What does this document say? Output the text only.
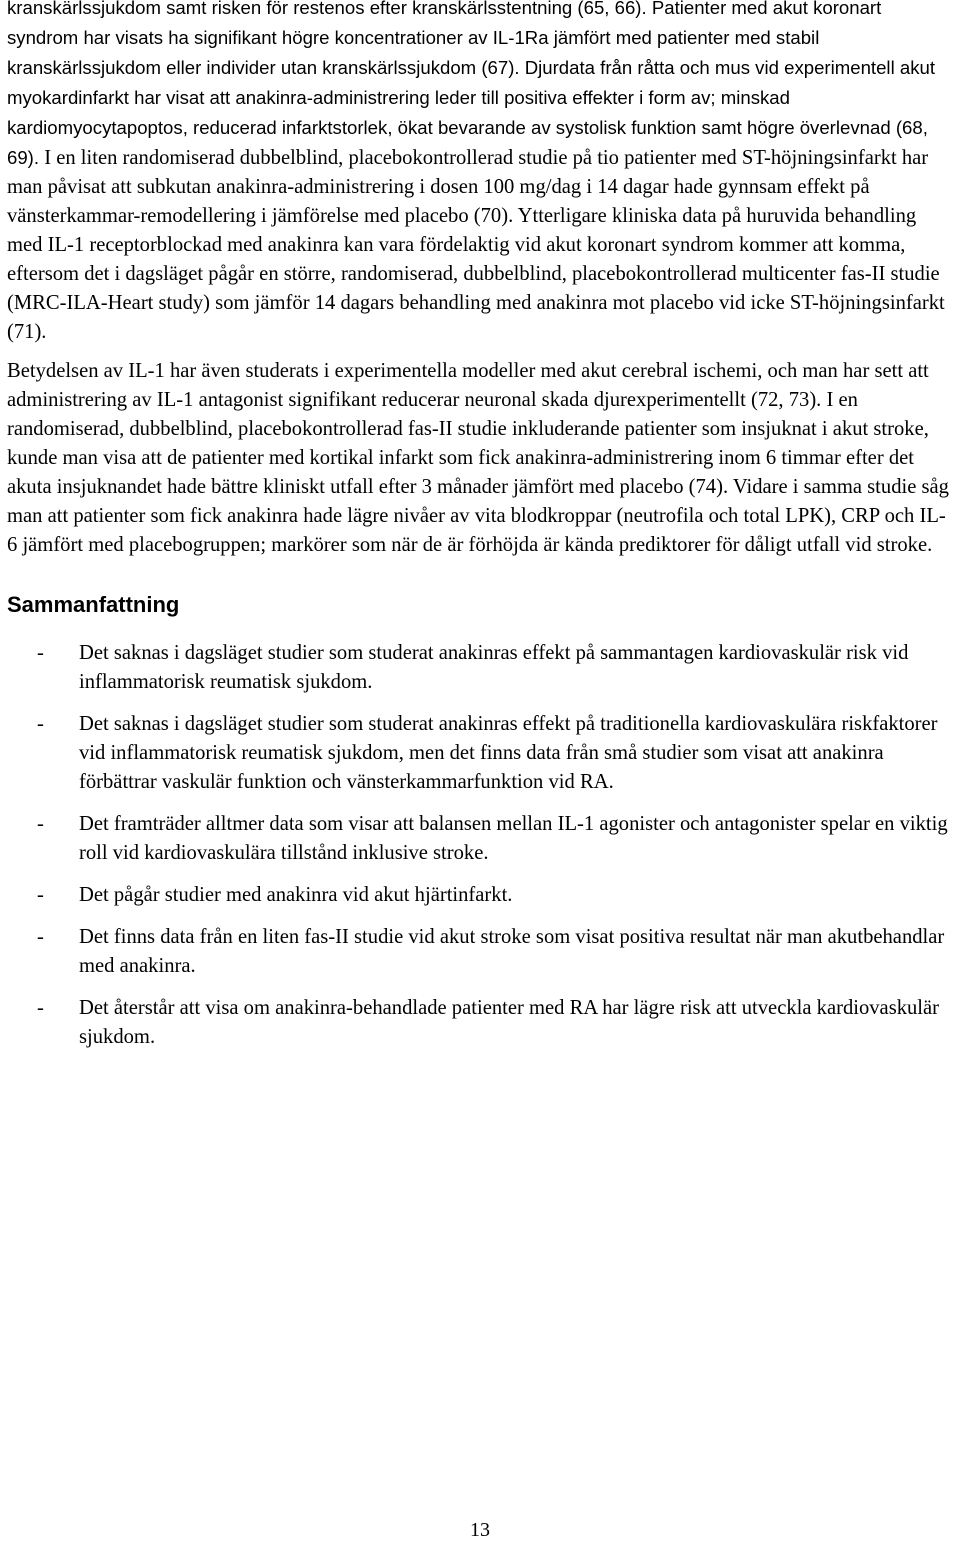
kranskärlssjukdom samt risken för restenos efter kranskärlsstentning (65, 66). Patienter med akut koronart syndrom har visats ha signifikant högre koncentrationer av IL-1Ra jämfört med patienter med stabil kranskärlssjukdom eller individer utan kranskärlssjukdom (67). Djurdata från råtta och mus vid experimentell akut myokardinfarkt har visat att anakinra-administrering leder till positiva effekter i form av; minskad kardiomyocytapoptos, reducerad infarktstorlek, ökat bevarande av systolisk funktion samt högre överlevnad (68, 69). I en liten randomiserad dubbelblind, placebokontrollerad studie på tio patienter med ST-höjningsinfarkt har man påvisat att subkutan anakinra-administrering i dosen 100 mg/dag i 14 dagar hade gynnsam effekt på vänsterkammar-remodellering i jämförelse med placebo (70). Ytterligare kliniska data på huruvida behandling med IL-1 receptorblockad med anakinra kan vara fördelaktig vid akut koronart syndrom kommer att komma, eftersom det i dagsläget pågår en större, randomiserad, dubbelblind, placebokontrollerad multicenter fas-II studie (MRC-ILA-Heart study) som jämför 14 dagars behandling med anakinra mot placebo vid icke ST-höjningsinfarkt (71).

Betydelsen av IL-1 har även studerats i experimentella modeller med akut cerebral ischemi, och man har sett att administrering av IL-1 antagonist signifikant reducerar neuronal skada djurexperimentellt (72, 73). I en randomiserad, dubbelblind, placebokontrollerad fas-II studie inkluderande patienter som insjuknat i akut stroke, kunde man visa att de patienter med kortikal infarkt som fick anakinra-administrering inom 6 timmar efter det akuta insjuknandet hade bättre kliniskt utfall efter 3 månader jämfört med placebo (74). Vidare i samma studie såg man att patienter som fick anakinra hade lägre nivåer av vita blodkroppar (neutrofila och total LPK), CRP och IL-6 jämfört med placebogruppen; markörer som när de är förhöjda är kända prediktorer för dåligt utfall vid stroke.

Sammanfattning
- Det saknas i dagsläget studier som studerat anakinras effekt på sammantagen kardiovaskulär risk vid inflammatorisk reumatisk sjukdom.
- Det saknas i dagsläget studier som studerat anakinras effekt på traditionella kardiovaskulära riskfaktorer vid inflammatorisk reumatisk sjukdom, men det finns data från små studier som visat att anakinra förbättrar vaskulär funktion och vänsterkammarfunktion vid RA.
- Det framträder alltmer data som visar att balansen mellan IL-1 agonister och antagonister spelar en viktig roll vid kardiovaskulära tillstånd inklusive stroke.
- Det pågår studier med anakinra vid akut hjärtinfarkt.
- Det finns data från en liten fas-II studie vid akut stroke som visat positiva resultat när man akutbehandlar med anakinra.
- Det återstår att visa om anakinra-behandlade patienter med RA har lägre risk att utveckla kardiovaskulär sjukdom.
13
